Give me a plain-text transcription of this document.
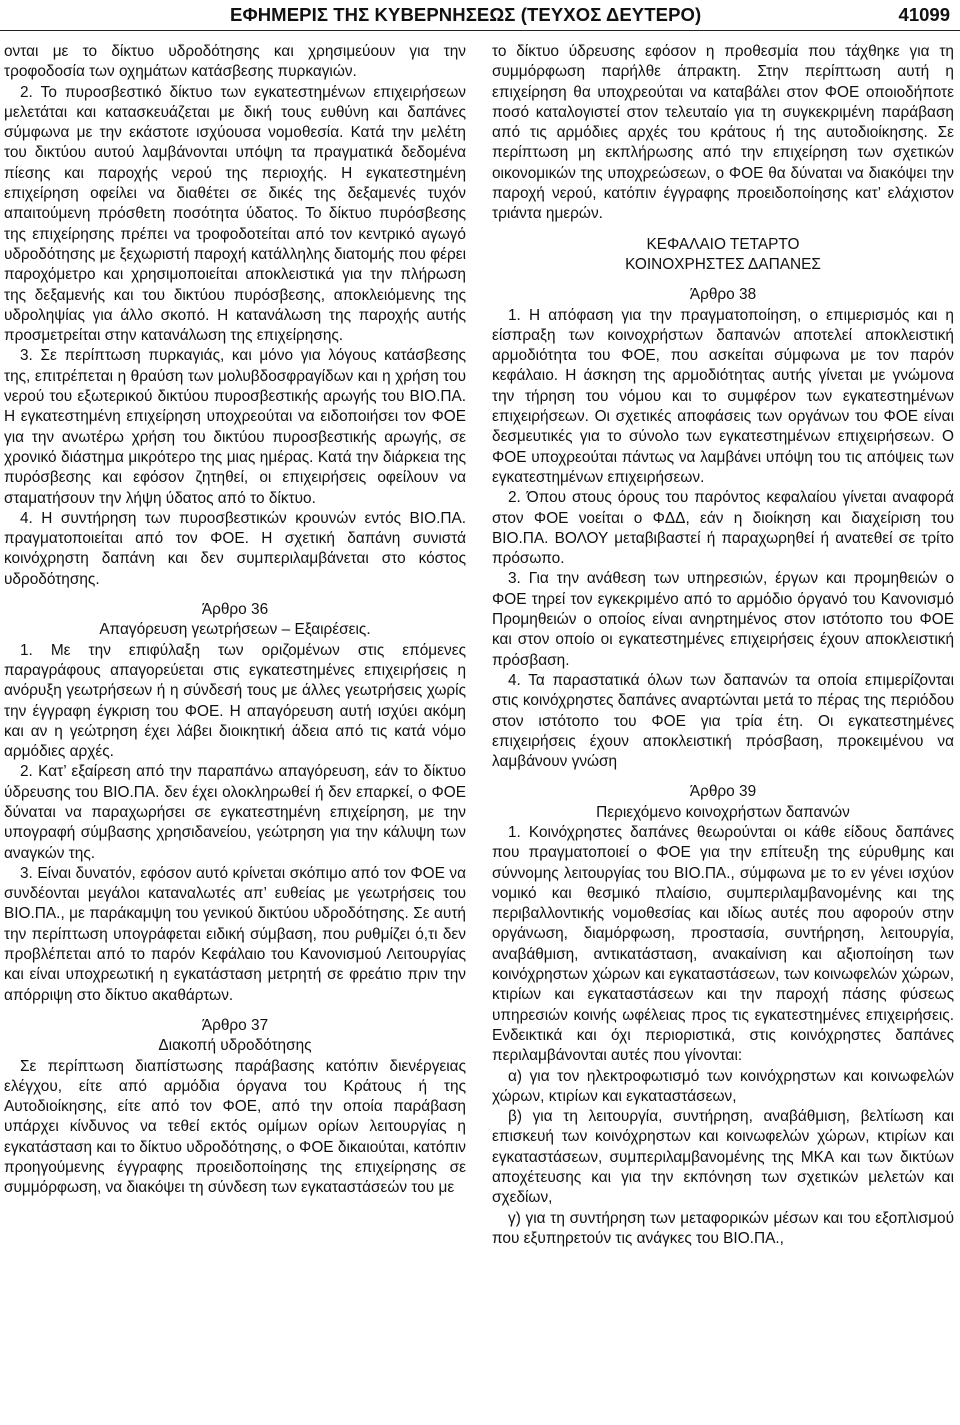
ΕΦΗΜΕΡΙΣ ΤΗΣ ΚΥΒΕΡΝΗΣΕΩΣ (ΤΕΥΧΟΣ ΔΕΥΤΕΡΟ)	41099

ονται με το δίκτυο υδροδότησης και χρησιμεύουν για την τροφοδοσία των οχημάτων κατάσβεσης πυρκαγιών.

2. Το πυροσβεστικό δίκτυο των εγκατεστημένων επιχειρήσεων μελετάται και κατασκευάζεται με δική τους ευθύνη και δαπάνες σύμφωνα με την εκάστοτε ισχύουσα νομοθεσία. Κατά την μελέτη του δικτύου αυτού λαμβάνονται υπόψη τα πραγματικά δεδομένα πίεσης και παροχής νερού της περιοχής. Η εγκατεστημένη επιχείρηση οφείλει να διαθέτει σε δικές της δεξαμενές τυχόν απαιτούμενη πρόσθετη ποσότητα ύδατος. Το δίκτυο πυρόσβεσης της επιχείρησης πρέπει να τροφοδοτείται από τον κεντρικό αγωγό υδροδότησης με ξεχωριστή παροχή κατάλληλης διατομής που φέρει παροχόμετρο και χρησιμοποιείται αποκλειστικά για την πλήρωση της δεξαμενής και του δικτύου πυρόσβεσης, αποκλειόμενης της υδροληψίας για άλλο σκοπό. Η κατανάλωση της παροχής αυτής προσμετρείται στην κατανάλωση της επιχείρησης.

3. Σε περίπτωση πυρκαγιάς, και μόνο για λόγους κατάσβεσης της, επιτρέπεται η θραύση των μολυβδοσφραγίδων και η χρήση του νερού του εξωτερικού δικτύου πυροσβεστικής αρωγής του ΒΙΟ.ΠΑ. Η εγκατεστημένη επιχείρηση υποχρεούται να ειδοποιήσει τον ΦΟΕ για την ανωτέρω χρήση του δικτύου πυροσβεστικής αρωγής, σε χρονικό διάστημα μικρότερο της μιας ημέρας. Κατά την διάρκεια της πυρόσβεσης και εφόσον ζητηθεί, οι επιχειρήσεις οφείλουν να σταματήσουν την λήψη ύδατος από το δίκτυο.

4. Η συντήρηση των πυροσβεστικών κρουνών εντός ΒΙΟ.ΠΑ. πραγματοποιείται από τον ΦΟΕ. Η σχετική δαπάνη συνιστά κοινόχρηστη δαπάνη και δεν συμπεριλαμβάνεται στο κόστος υδροδότησης.

Άρθρο 36

Απαγόρευση γεωτρήσεων – Εξαιρέσεις.

1. Με την επιφύλαξη των οριζομένων στις επόμενες παραγράφους απαγορεύεται στις εγκατεστημένες επιχειρήσεις η ανόρυξη γεωτρήσεων ή η σύνδεσή τους με άλλες γεωτρήσεις χωρίς την έγγραφη έγκριση του ΦΟΕ. Η απαγόρευση αυτή ισχύει ακόμη και αν η γεώτρηση έχει λάβει διοικητική άδεια από τις κατά νόμο αρμόδιες αρχές.

2. Κατ’ εξαίρεση από την παραπάνω απαγόρευση, εάν το δίκτυο ύδρευσης του ΒΙΟ.ΠΑ. δεν έχει ολοκληρωθεί ή δεν επαρκεί, ο ΦΟΕ δύναται να παραχωρήσει σε εγκατεστημένη επιχείρηση, με την υπογραφή σύμβασης χρησιδανείου, γεώτρηση για την κάλυψη των αναγκών της.

3. Είναι δυνατόν, εφόσον αυτό κρίνεται σκόπιμο από τον ΦΟΕ να συνδέονται μεγάλοι καταναλωτές απ’ ευθείας με γεωτρήσεις του ΒΙΟ.ΠΑ., με παράκαμψη του γενικού δικτύου υδροδότησης. Σε αυτή την περίπτωση υπογράφεται ειδική σύμβαση, που ρυθμίζει ό,τι δεν προβλέπεται από το παρόν Κεφάλαιο του Κανονισμού Λειτουργίας και είναι υποχρεωτική η εγκατάσταση μετρητή σε φρεάτιο πριν την απόρριψη στο δίκτυο ακαθάρτων.

Άρθρο 37

Διακοπή υδροδότησης

Σε περίπτωση διαπίστωσης παράβασης κατόπιν διενέργειας ελέγχου, είτε από αρμόδια όργανα του Κράτους ή της Αυτοδιοίκησης, είτε από τον ΦΟΕ, από την οποία παράβαση υπάρχει κίνδυνος να τεθεί εκτός ομίμων ορίων λειτουργίας η εγκατάσταση και το δίκτυο υδροδότησης, ο ΦΟΕ δικαιούται, κατόπιν προηγούμενης έγγραφης προειδοποίησης της επιχείρησης σε συμμόρφωση, να διακόψει τη σύνδεση των εγκαταστάσεών του με

το δίκτυο ύδρευσης εφόσον η προθεσμία που τάχθηκε για τη συμμόρφωση παρήλθε άπρακτη. Στην περίπτωση αυτή η επιχείρηση θα υποχρεούται να καταβάλει στον ΦΟΕ οποιοδήποτε ποσό καταλογιστεί στον τελευταίο για τη συγκεκριμένη παράβαση από τις αρμόδιες αρχές του κράτους ή της αυτοδιοίκησης. Σε περίπτωση μη εκπλήρωσης από την επιχείρηση των σχετικών οικονομικών της υποχρεώσεων, ο ΦΟΕ θα δύναται να διακόψει την παροχή νερού, κατόπιν έγγραφης προειδοποίησης κατ’ ελάχιστον τριάντα ημερών.

ΚΕΦΑΛΑΙΟ ΤΕΤΑΡΤΟ

ΚΟΙΝΟΧΡΗΣΤΕΣ ΔΑΠΑΝΕΣ

Άρθρο 38

1. Η απόφαση για την πραγματοποίηση, ο επιμερισμός και η είσπραξη των κοινοχρήστων δαπανών αποτελεί αποκλειστική αρμοδιότητα του ΦΟΕ, που ασκείται σύμφωνα με τον παρόν κεφάλαιο. Η άσκηση της αρμοδιότητας αυτής γίνεται με γνώμονα την τήρηση του νόμου και το συμφέρον των εγκατεστημένων επιχειρήσεων. Οι σχετικές αποφάσεις των οργάνων του ΦΟΕ είναι δεσμευτικές για το σύνολο των εγκατεστημένων επιχειρήσεων. Ο ΦΟΕ υποχρεούται πάντως να λαμβάνει υπόψη του τις απόψεις των εγκατεστημένων επιχειρήσεων.

2. Όπου στους όρους του παρόντος κεφαλαίου γίνεται αναφορά στον ΦΟΕ νοείται ο ΦΔΔ, εάν η διοίκηση και διαχείριση του ΒΙΟ.ΠΑ. ΒΟΛΟΥ μεταβιβαστεί ή παραχωρηθεί ή ανατεθεί σε τρίτο πρόσωπο.

3. Για την ανάθεση των υπηρεσιών, έργων και προμηθειών ο ΦΟΕ τηρεί τον εγκεκριμένο από το αρμόδιο όργανό του Κανονισμό Προμηθειών ο οποίος είναι ανηρτημένος στον ιστότοπο του ΦΟΕ και στον οποίο οι εγκατεστημένες επιχειρήσεις έχουν αποκλειστική πρόσβαση.

4. Τα παραστατικά όλων των δαπανών τα οποία επιμερίζονται στις κοινόχρηστες δαπάνες αναρτώνται μετά το πέρας της περιόδου στον ιστότοπο του ΦΟΕ για τρία έτη. Οι εγκατεστημένες επιχειρήσεις έχουν αποκλειστική πρόσβαση, προκειμένου να λαμβάνουν γνώση

Άρθρο 39

Περιεχόμενο κοινοχρήστων δαπανών

1. Κοινόχρηστες δαπάνες θεωρούνται οι κάθε είδους δαπάνες που πραγματοποιεί ο ΦΟΕ για την επίτευξη της εύρυθμης και σύννομης λειτουργίας του ΒΙΟ.ΠΑ., σύμφωνα με το εν γένει ισχύον νομικό και θεσμικό πλαίσιο, συμπεριλαμβανομένης και της περιβαλλοντικής νομοθεσίας και ιδίως αυτές που αφορούν στην οργάνωση, διαμόρφωση, προστασία, συντήρηση, λειτουργία, αναβάθμιση, αντικατάσταση, ανακαίνιση και αξιοποίηση των κοινόχρηστων χώρων και εγκαταστάσεων, των κοινωφελών χώρων, κτιρίων και εγκαταστάσεων και την παροχή πάσης φύσεως υπηρεσιών κοινής ωφέλειας προς τις εγκατεστημένες επιχειρήσεις. Ενδεικτικά και όχι περιοριστικά, στις κοινόχρηστες δαπάνες περιλαμβάνονται αυτές που γίνονται:

α) για τον ηλεκτροφωτισμό των κοινόχρηστων και κοινωφελών χώρων, κτιρίων και εγκαταστάσεων,

β) για τη λειτουργία, συντήρηση, αναβάθμιση, βελτίωση και επισκευή των κοινόχρηστων και κοινωφελών χώρων, κτιρίων και εγκαταστάσεων, συμπεριλαμβανομένης της ΜΚΑ και των δικτύων αποχέτευσης και για την εκπόνηση των σχετικών μελετών και σχεδίων,

γ) για τη συντήρηση των μεταφορικών μέσων και του εξοπλισμού που εξυπηρετούν τις ανάγκες του ΒΙΟ.ΠΑ.,
